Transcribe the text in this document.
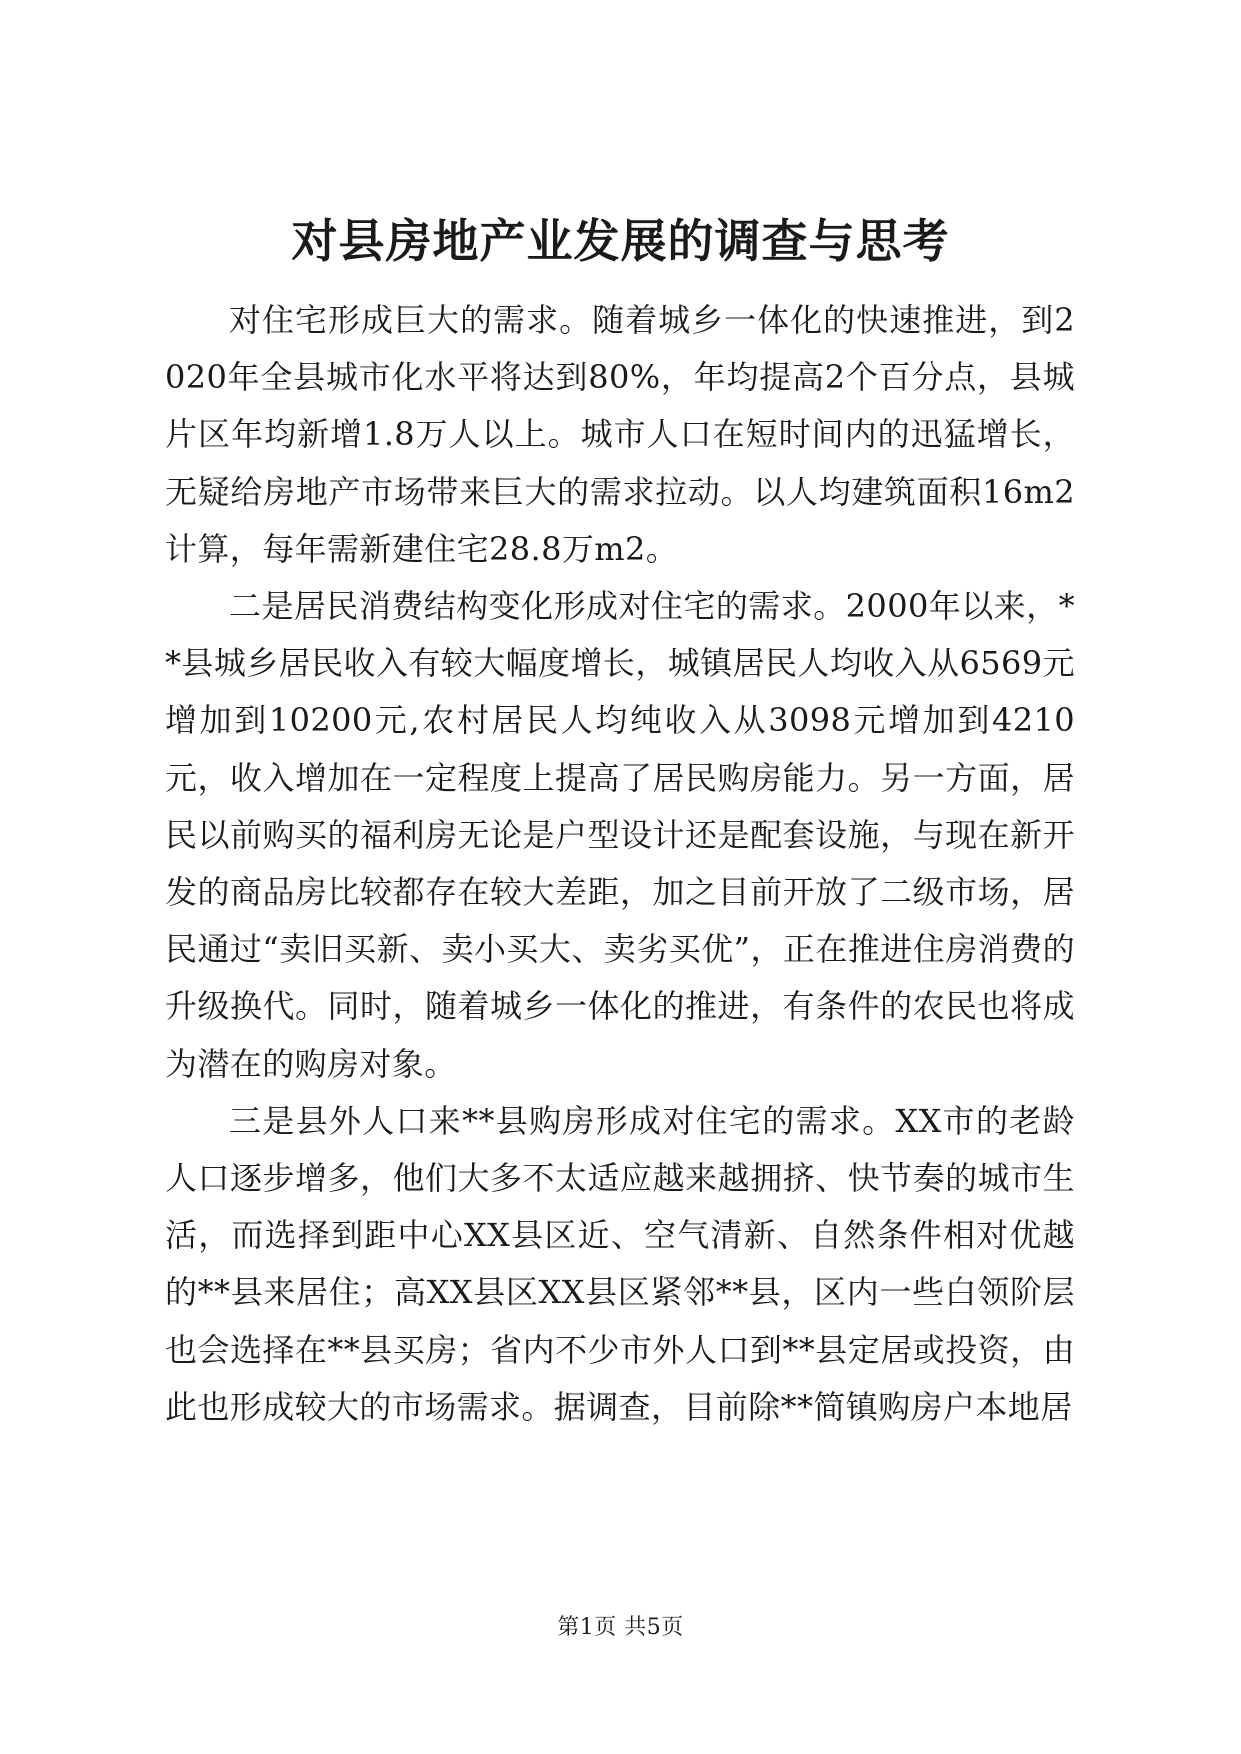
对县房地产业发展的调查与思考

对住宅形成巨大的需求。随着城乡一体化的快速推进，到2020年全县城市化水平将达到80%，年均提高2个百分点，县城片区年均新增1.8万人以上。城市人口在短时间内的迅猛增长，无疑给房地产市场带来巨大的需求拉动。以人均建筑面积16m2计算，每年需新建住宅28.8万m2。

二是居民消费结构变化形成对住宅的需求。2000年以来，**县城乡居民收入有较大幅度增长，城镇居民人均收入从6569元增加到10200元,农村居民人均纯收入从3098元增加到4210元，收入增加在一定程度上提高了居民购房能力。另一方面，居民以前购买的福利房无论是户型设计还是配套设施，与现在新开发的商品房比较都存在较大差距，加之目前开放了二级市场，居民通过“卖旧买新、卖小买大、卖劣买优”，正在推进住房消费的升级换代。同时，随着城乡一体化的推进，有条件的农民也将成为潜在的购房对象。

三是县外人口来**县购房形成对住宅的需求。XX市的老龄人口逐步增多，他们大多不太适应越来越拥挤、快节奏的城市生活，而选择到距中心XX县区近、空气清新、自然条件相对优越的**县来居住；高XX县区XX县区紧邻**县，区内一些白领阶层也会选择在**县买房；省内不少市外人口到**县定居或投资，由此也形成较大的市场需求。据调查，目前除**简镇购房户本地居

第1页 共5页
